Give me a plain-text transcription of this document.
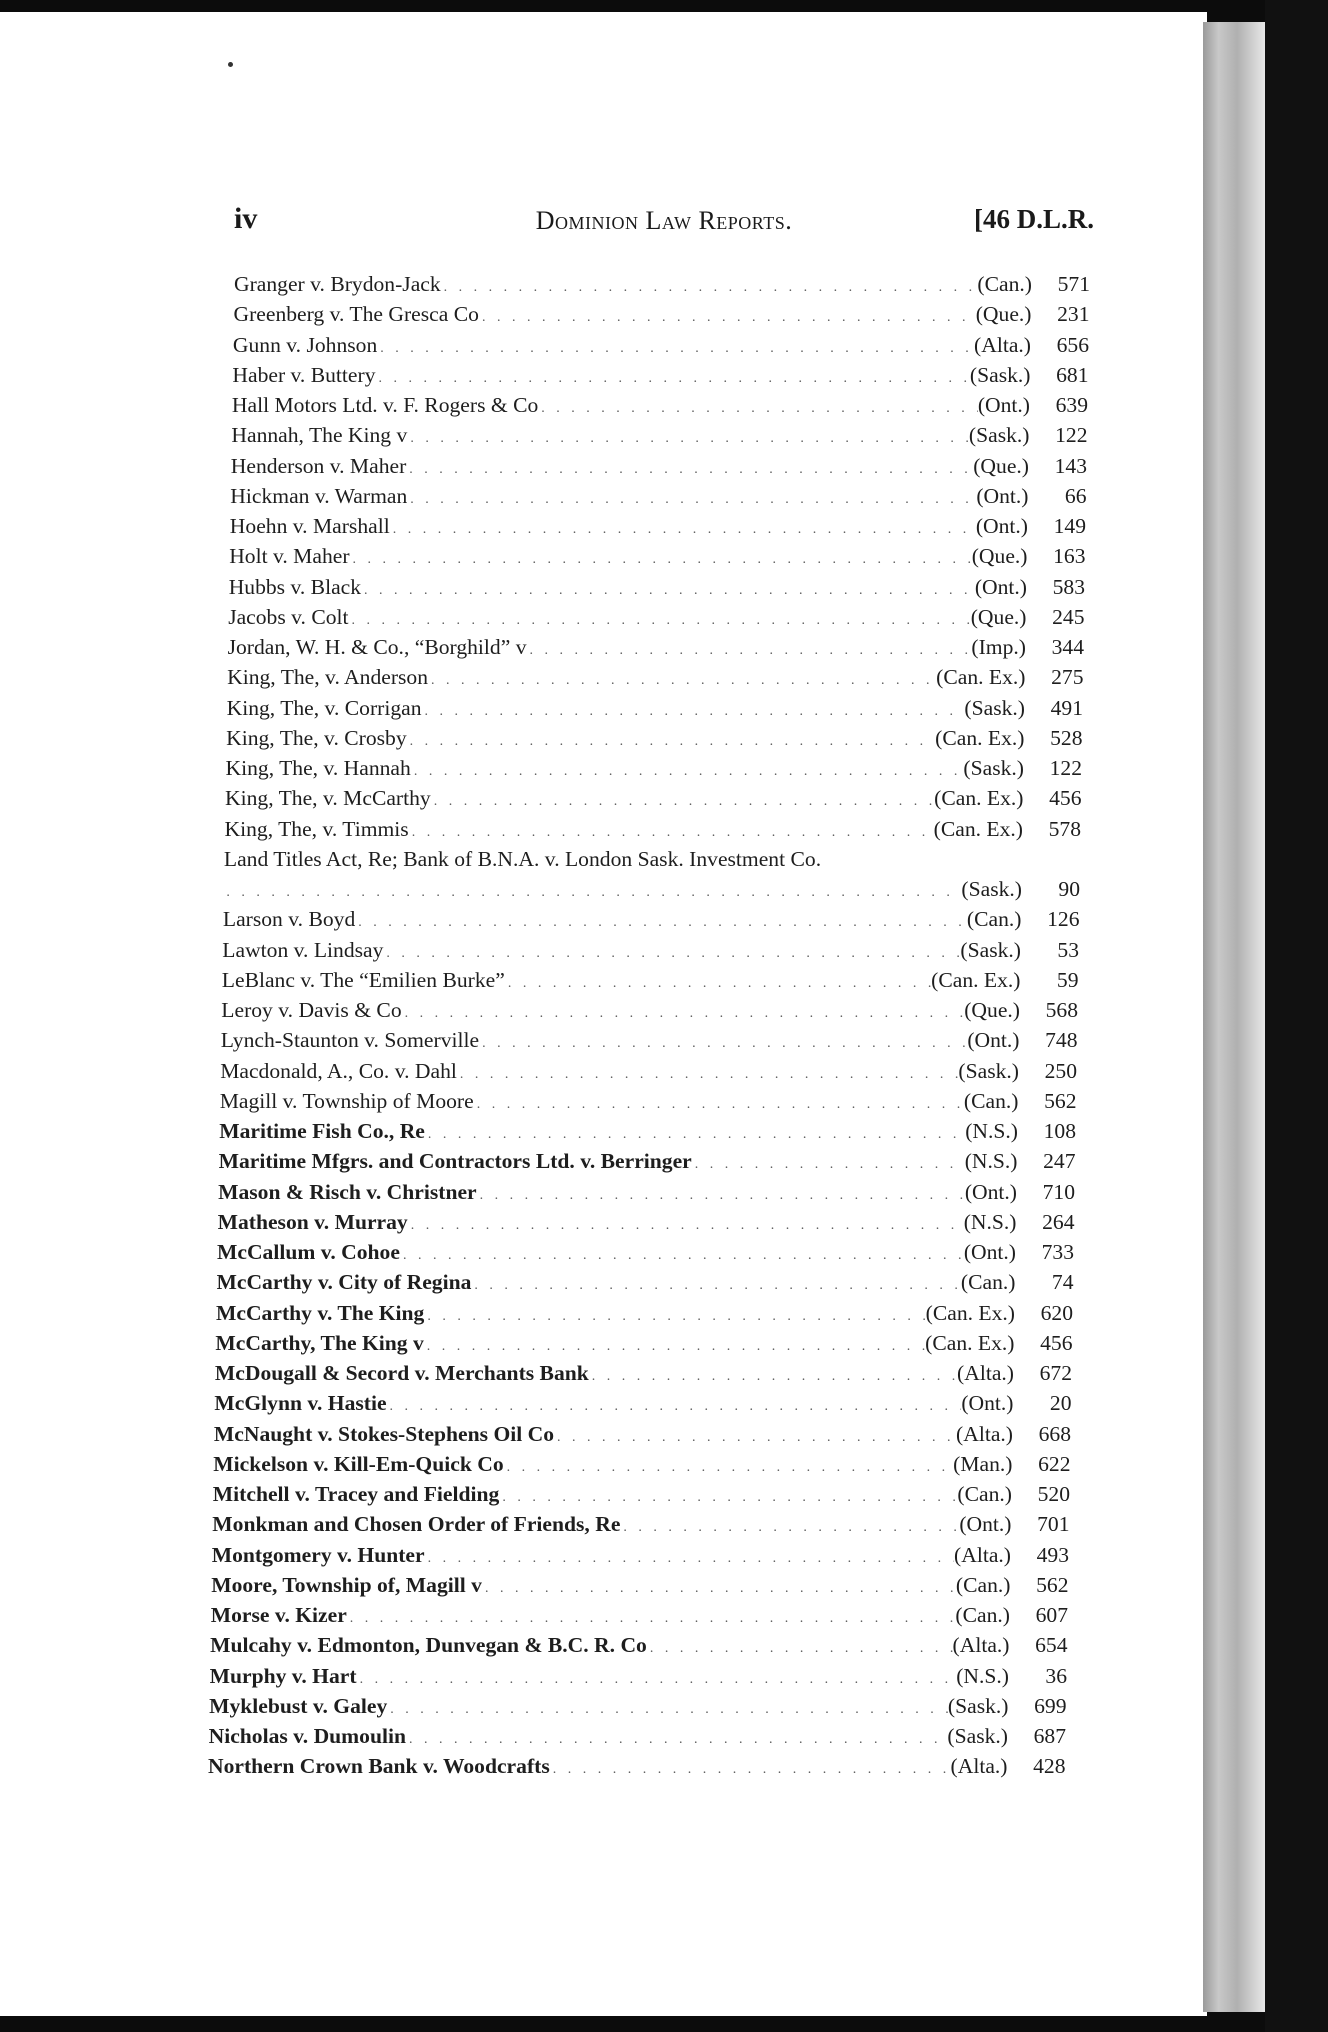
iv	Dominion Law Reports.	[46 D.L.R.
Granger v. Brydon-Jack . . .	(Can.)	571
Greenberg v. The Gresca Co . . .	(Que.)	231
Gunn v. Johnson . . .	(Alta.)	656
Haber v. Buttery . . .	(Sask.)	681
Hall Motors Ltd. v. F. Rogers & Co . . .	(Ont.)	639
Hannah, The King v . . .	(Sask.)	122
Henderson v. Maher . . .	(Que.)	143
Hickman v. Warman . . .	(Ont.)	66
Hoehn v. Marshall . . .	(Ont.)	149
Holt v. Maher . . .	(Que.)	163
Hubbs v. Black . . .	(Ont.)	583
Jacobs v. Colt . . .	(Que.)	245
Jordan, W. H. & Co., “Borghild” v . . .	(Imp.)	344
King, The, v. Anderson . . .	(Can. Ex.)	275
King, The, v. Corrigan . . .	(Sask.)	491
King, The, v. Crosby . . .	(Can. Ex.)	528
King, The, v. Hannah . . .	(Sask.)	122
King, The, v. McCarthy . . .	(Can. Ex.)	456
King, The, v. Timmis . . .	(Can. Ex.)	578
Land Titles Act, Re; Bank of B.N.A. v. London Sask. Investment Co.
. . .
(Sask.)	90
Larson v. Boyd . . .	(Can.)	126
Lawton v. Lindsay . . .	(Sask.)	53
LeBlanc v. The “Emilien Burke” . . .	(Can. Ex.)	59
Leroy v. Davis & Co . . .	(Que.)	568
Lynch-Staunton v. Somerville . . .	(Ont.)	748
Macdonald, A., Co. v. Dahl . . .	(Sask.)	250
Magill v. Township of Moore . . .	(Can.)	562
Maritime Fish Co., Re . . .	(N.S.)	108
Maritime Mfgrs. and Contractors Ltd. v. Berringer . . .	(N.S.)	247
Mason & Risch v. Christner . . .	(Ont.)	710
Matheson v. Murray . . .	(N.S.)	264
McCallum v. Cohoe . . .	(Ont.)	733
McCarthy v. City of Regina . . .	(Can.)	74
McCarthy v. The King . . .	(Can. Ex.)	620
McCarthy, The King v . . .	(Can. Ex.)	456
McDougall & Secord v. Merchants Bank . . .	(Alta.)	672
McGlynn v. Hastie . . .	(Ont.)	20
McNaught v. Stokes-Stephens Oil Co . . .	(Alta.)	668
Mickelson v. Kill-Em-Quick Co . . .	(Man.)	622
Mitchell v. Tracey and Fielding . . .	(Can.)	520
Monkman and Chosen Order of Friends, Re . . .	(Ont.)	701
Montgomery v. Hunter . . .	(Alta.)	493
Moore, Township of, Magill v . . .	(Can.)	562
Morse v. Kizer . . .	(Can.)	607
Mulcahy v. Edmonton, Dunvegan & B.C. R. Co . . .	(Alta.)	654
Murphy v. Hart . . .	(N.S.)	36
Myklebust v. Galey . . .	(Sask.)	699
Nicholas v. Dumoulin . . .	(Sask.)	687
Northern Crown Bank v. Woodcrafts . . .	(Alta.)	428
